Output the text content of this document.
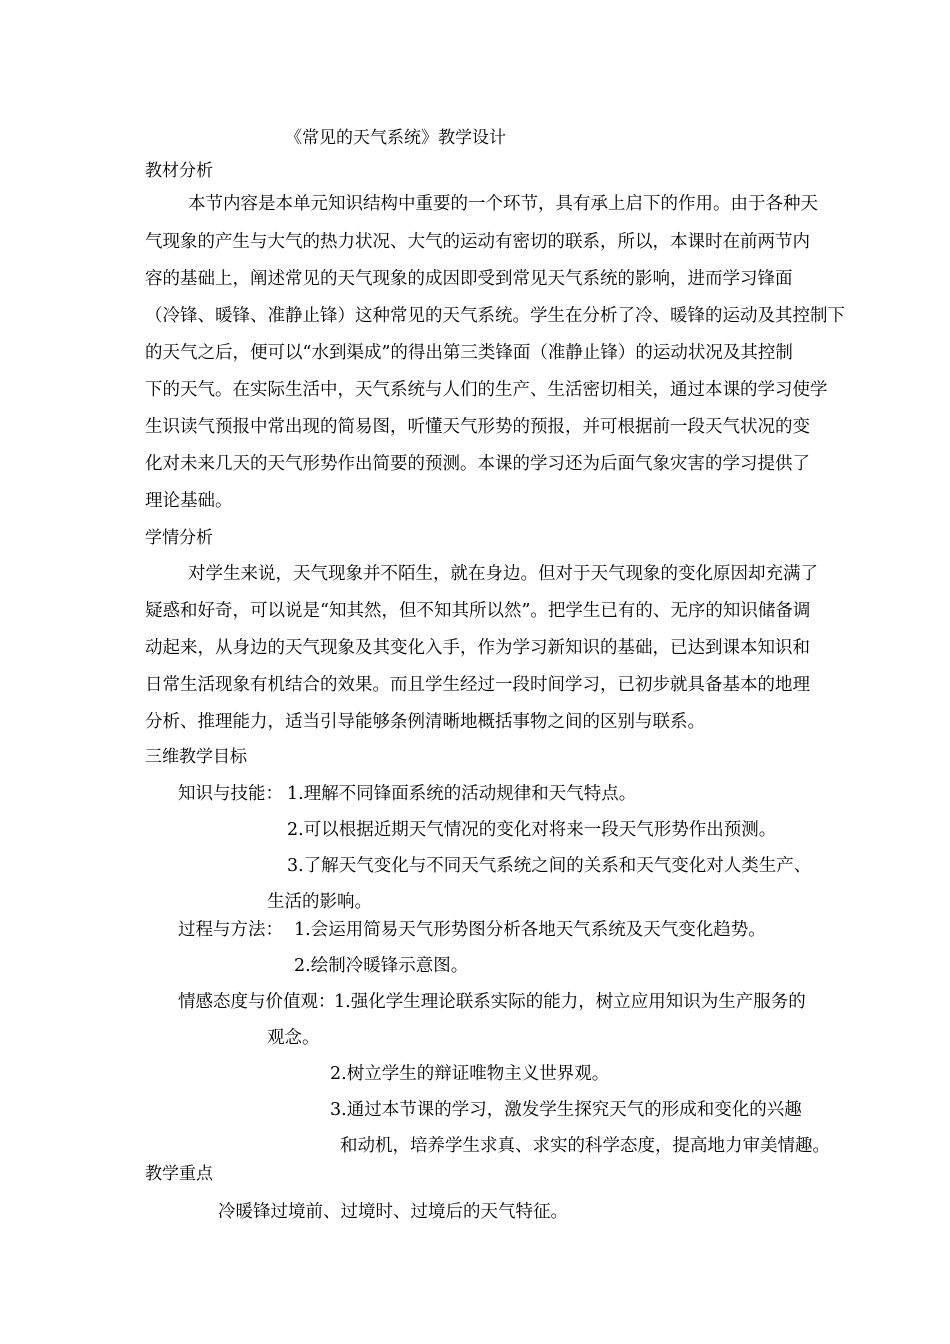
《常见的天气系统》教学设计
教材分析
本节内容是本单元知识结构中重要的一个环节，具有承上启下的作用。由于各种天
气现象的产生与大气的热力状况、大气的运动有密切的联系，所以，本课时在前两节内
容的基础上，阐述常见的天气现象的成因即受到常见天气系统的影响，进而学习锋面
（冷锋、暖锋、准静止锋）这种常见的天气系统。学生在分析了冷、暖锋的运动及其控制下
的天气之后，便可以“水到渠成”的得出第三类锋面（准静止锋）的运动状况及其控制
下的天气。在实际生活中，天气系统与人们的生产、生活密切相关，通过本课的学习使学
生识读气预报中常出现的简易图，听懂天气形势的预报，并可根据前一段天气状况的变
化对未来几天的天气形势作出简要的预测。本课的学习还为后面气象灾害的学习提供了
理论基础。
学情分析
对学生来说，天气现象并不陌生，就在身边。但对于天气现象的变化原因却充满了
疑惑和好奇，可以说是“知其然，但不知其所以然”。把学生已有的、无序的知识储备调
动起来，从身边的天气现象及其变化入手，作为学习新知识的基础，已达到课本知识和
日常生活现象有机结合的效果。而且学生经过一段时间学习，已初步就具备基本的地理
分析、推理能力，适当引导能够条例清晰地概括事物之间的区别与联系。
三维教学目标
知识与技能： 1.理解不同锋面系统的活动规律和天气特点。
2.可以根据近期天气情况的变化对将来一段天气形势作出预测。
3.了解天气变化与不同天气系统之间的关系和天气变化对人类生产、
生活的影响。
过程与方法： 1.会运用简易天气形势图分析各地天气系统及天气变化趋势。
2.绘制冷暖锋示意图。
情感态度与价值观：
1.强化学生理论联系实际的能力，树立应用知识为生产服务的
观念。
2.树立学生的辩证唯物主义世界观。
3.通过本节课的学习，激发学生探究天气的形成和变化的兴趣
和动机，培养学生求真、求实的科学态度，提高地力审美情趣。
教学重点
冷暖锋过境前、过境时、过境后的天气特征。
